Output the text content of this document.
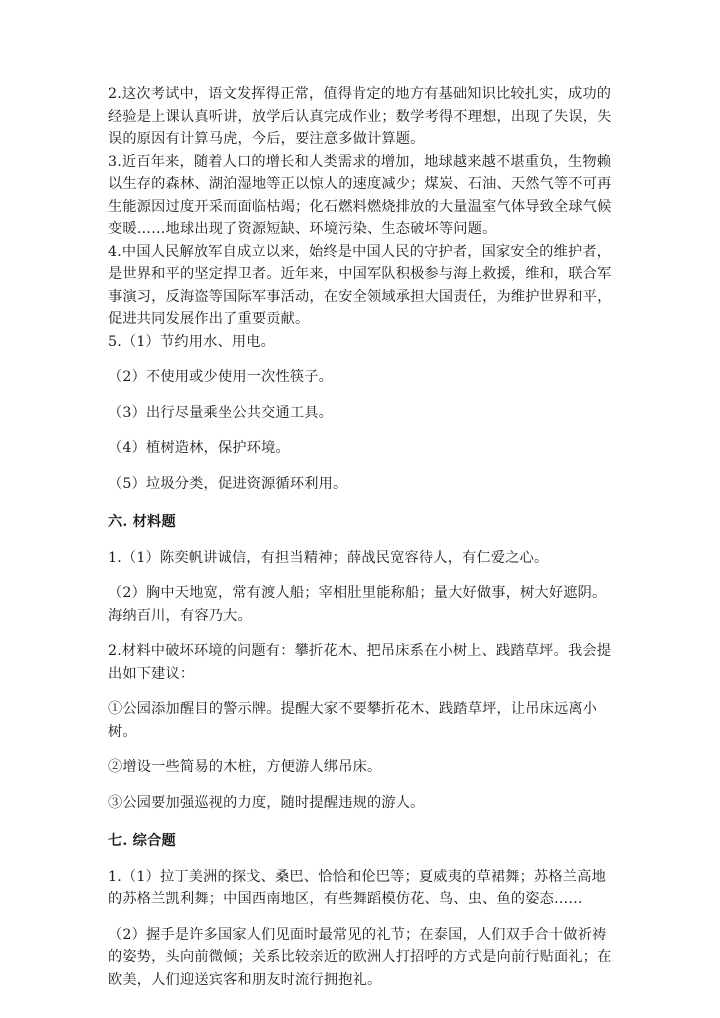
2.这次考试中，语文发挥得正常，值得肯定的地方有基础知识比较扎实，成功的经验是上课认真听讲，放学后认真完成作业；数学考得不理想，出现了失误，失误的原因有计算马虎，今后，要注意多做计算题。

3.近百年来，随着人口的增长和人类需求的增加，地球越来越不堪重负，生物赖以生存的森林、湖泊湿地等正以惊人的速度减少；煤炭、石油、天然气等不可再生能源因过度开采而面临枯竭；化石燃料燃烧排放的大量温室气体导致全球气候变暖……地球出现了资源短缺、环境污染、生态破坏等问题。

4.中国人民解放军自成立以来，始终是中国人民的守护者，国家安全的维护者，是世界和平的坚定捍卫者。近年来，中国军队积极参与海上救援，维和，联合军事演习，反海盗等国际军事活动，在安全领域承担大国责任，为维护世界和平，促进共同发展作出了重要贡献。

5.（1）节约用水、用电。

（2）不使用或少使用一次性筷子。

（3）出行尽量乘坐公共交通工具。

（4）植树造林，保护环境。

（5）垃圾分类，促进资源循环利用。

六. 材料题

1.（1）陈奕帆讲诚信，有担当精神；薛战民宽容待人，有仁爱之心。

（2）胸中天地宽，常有渡人船；宰相肚里能称船；量大好做事，树大好遮阴。海纳百川，有容乃大。

2.材料中破坏环境的问题有：攀折花木、把吊床系在小树上、践踏草坪。我会提出如下建议：

①公园添加醒目的警示牌。提醒大家不要攀折花木、践踏草坪，让吊床远离小树。

②增设一些简易的木桩，方便游人绑吊床。

③公园要加强巡视的力度，随时提醒违规的游人。

七. 综合题

1.（1）拉丁美洲的探戈、桑巴、恰恰和伦巴等；夏威夷的草裙舞；苏格兰高地的苏格兰凯利舞；中国西南地区，有些舞蹈模仿花、鸟、虫、鱼的姿态……

（2）握手是许多国家人们见面时最常见的礼节；在泰国，人们双手合十做祈祷的姿势，头向前微倾；关系比较亲近的欧洲人打招呼的方式是向前行贴面礼；在欧美，人们迎送宾客和朋友时流行拥抱礼。
